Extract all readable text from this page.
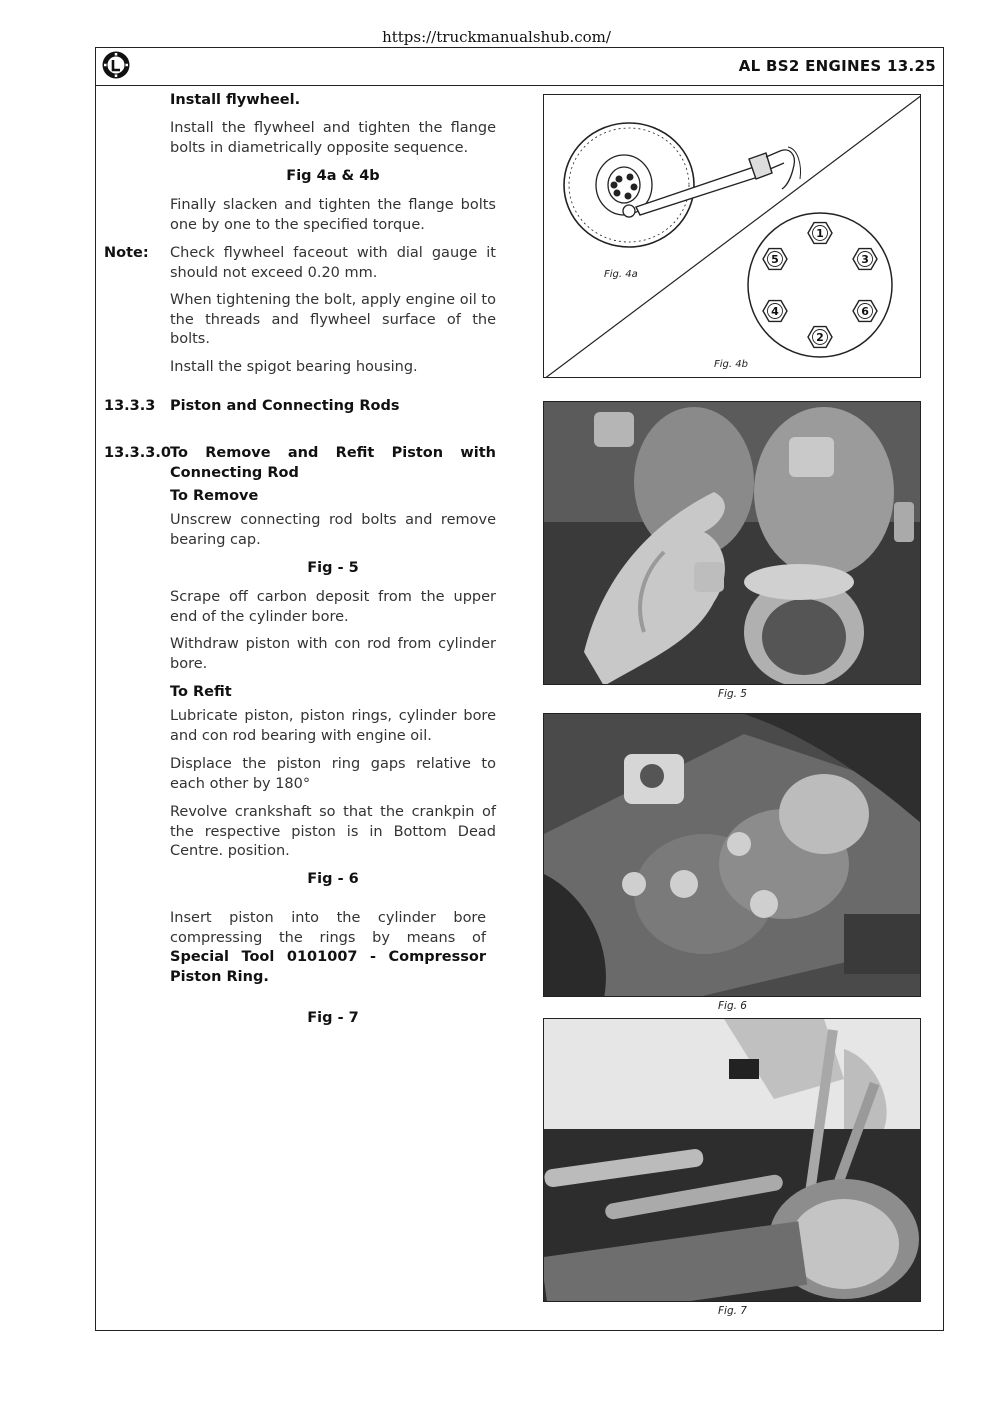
https://truckmanualshub.com/
AL BS2 ENGINES 13.25
Install flywheel.
Install the flywheel and tighten the flange bolts in diametrically opposite sequence.
Fig 4a & 4b
Finally slacken and tighten the flange bolts one by one to the specified torque.
Note: Check flywheel faceout with dial gauge it should not exceed 0.20 mm.
When tightening the bolt, apply engine oil to the threads and flywheel surface of the bolts.
Install the spigot bearing housing.
13.3.3 Piston and Connecting Rods
13.3.3.0 To Remove and Refit Piston with Connecting Rod
To Remove
Unscrew connecting rod bolts and remove bearing cap.
Fig - 5
Scrape off carbon deposit from the upper end of the cylinder bore.
Withdraw piston with con rod from cylinder bore.
To Refit
Lubricate piston, piston rings, cylinder bore and con rod bearing with engine oil.
Displace the piston ring gaps relative to each other by 180°
Revolve crankshaft so that the crankpin of the respective piston is in Bottom Dead Centre. position.
Fig - 6
Insert piston into the cylinder bore compressing the rings by means of Special Tool 0101007 - Compressor Piston Ring.
Fig - 7
Fig. 4a
1
3
6
2
4
5
Fig. 4b
Fig. 5
Fig. 6
Fig. 7
